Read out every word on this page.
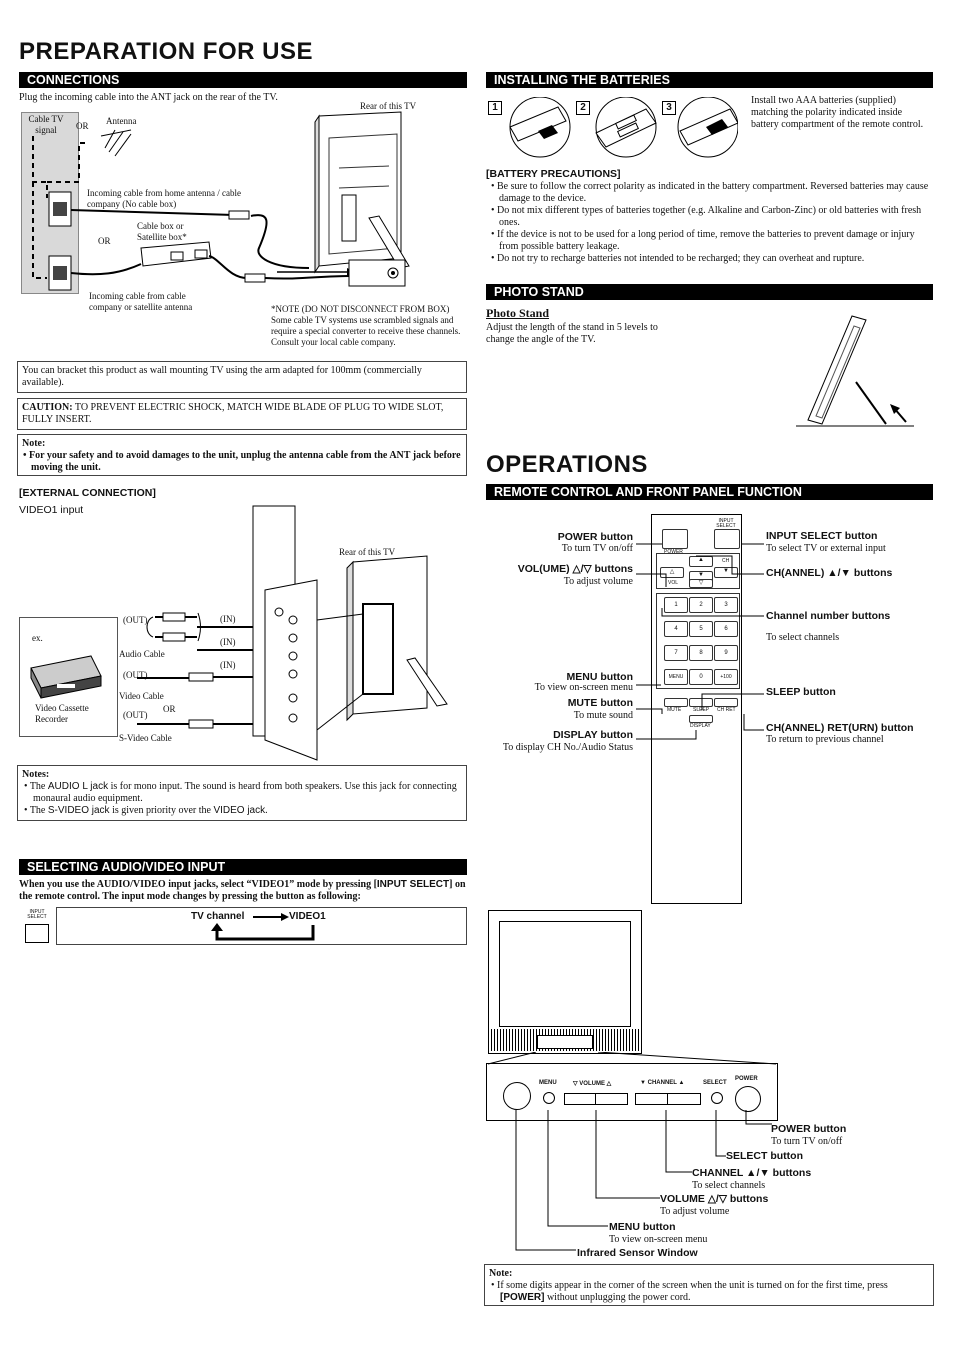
PREPARATION FOR USE
CONNECTIONS
Plug the incoming cable into the ANT jack on the rear of the TV.
Cable TV signal	OR Antenna
Rear of this TV
Incoming cable from home antenna / cable company (No cable box)
Cable box or Satellite box*
OR
Incoming cable from cable company or satellite antenna	*NOTE (DO NOT DISCONNECT FROM BOX) Some cable TV systems use scrambled signals and require a special converter to receive these channels. Consult your local cable company.
You can bracket this product as wall mounting TV using the arm adapted for 100mm (commercially available).
CAUTION: TO PREVENT ELECTRIC SHOCK, MATCH WIDE BLADE OF PLUG TO WIDE SLOT, FULLY INSERT.
Note:
• For your safety and to avoid damages to the unit, unplug the antenna cable from the ANT jack before moving the unit.
[EXTERNAL CONNECTION]
VIDEO1 input
ex.
Video Cassette Recorder
(OUT)	(IN)
(IN)
(IN)
Audio Cable
(OUT)
Video Cable
OR
(OUT)
S-Video Cable
Rear of this TV
Notes:
• The AUDIO L jack is for mono input. The sound is heard from both speakers. Use this jack for connecting monaural audio equipment.
• The S-VIDEO jack is given priority over the VIDEO jack.
SELECTING AUDIO/VIDEO INPUT
When you use the AUDIO/VIDEO input jacks, select “VIDEO1” mode by pressing [INPUT SELECT] on the remote control. The input mode changes by pressing the button as following:
INPUT SELECT	TV channel	VIDEO1
INSTALLING THE BATTERIES
1	2	3
Install two AAA batteries (supplied) matching the polarity indicated inside battery compartment of the remote control.
[BATTERY PRECAUTIONS]
• Be sure to follow the correct polarity as indicated in the battery compartment. Reversed batteries may cause damage to the device.
• Do not mix different types of batteries together (e.g. Alkaline and Carbon-Zinc) or old batteries with fresh ones.
• If the device is not to be used for a long period of time, remove the batteries to prevent damage or injury from possible battery leakage.
• Do not try to recharge batteries not intended to be recharged; they can overheat and rupture.
PHOTO STAND
Photo Stand
Adjust the length of the stand in 5 levels to change the angle of the TV.
OPERATIONS
REMOTE CONTROL AND FRONT PANEL FUNCTION
POWER
INPUT SELECT
▲
▼
CH
▼
△
VOL	▽
1	2	3
4	5	6
7	8	9
MENU	0	+100
MUTE SLEEP CH RET
DISPLAY
POWER button
To turn TV on/off
VOL(UME) △/▽ buttons
To adjust volume
MENU button
To view on-screen menu
MUTE button
To mute sound
DISPLAY button
To display CH No./Audio Status
INPUT SELECT button
To select TV or external input
CH(ANNEL) ▲/▼ buttons
Channel number buttons
To select channels
SLEEP button
CH(ANNEL) RET(URN) button
To return to previous channel
MENU	▽ VOLUME △	▼ CHANNEL ▲	SELECT
POWER
POWER button
To turn TV on/off
SELECT button
CHANNEL ▲/▼ buttons
To select channels
VOLUME △/▽ buttons
To adjust volume
MENU button
To view on-screen menu
Infrared Sensor Window
Note:
• If some digits appear in the corner of the screen when the unit is turned on for the first time, press [POWER] without unplugging the power cord.
